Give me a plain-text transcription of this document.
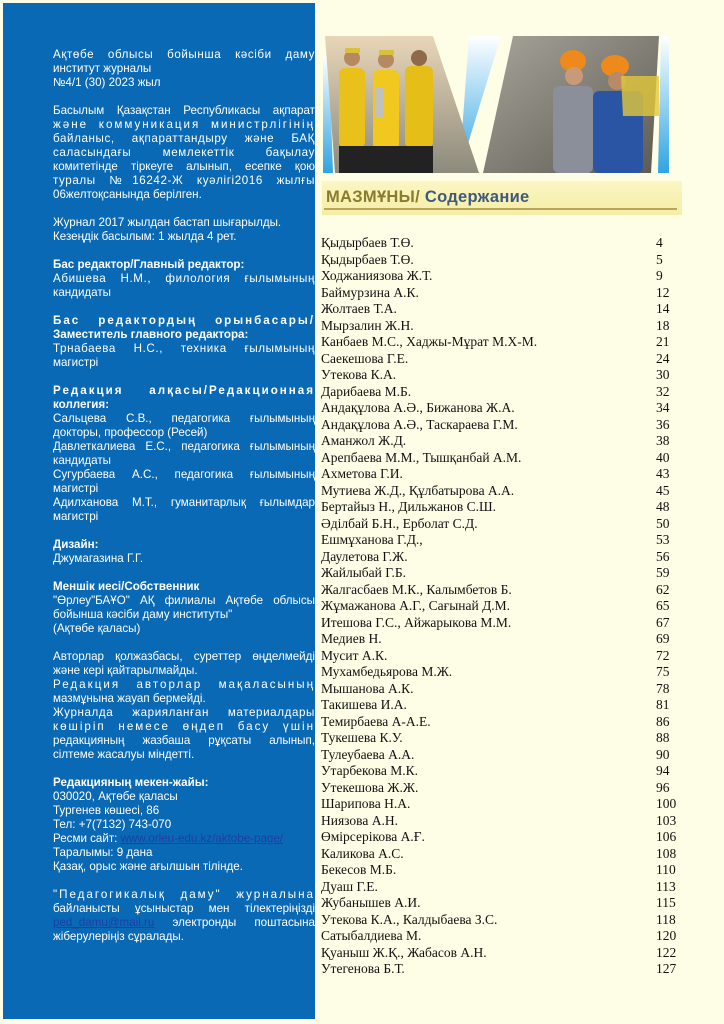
Ақтөбе облысы бойынша кәсіби даму

институт журналы

№4/1 (30) 2023 жыл

Басылым Қазақстан Республикасы ақпарат

және коммуникация министрлігінің

байланыс, ақпараттандыру және БАҚ

саласындағы мемлекеттік бақылау

комитетінде тіркеуге алынып, есепке қою

туралы №16242-Ж куәлігі2016 жылғы

06желтоқсанында берілген.

Журнал 2017 жылдан бастап шығарылды.

Кезеңдік басылым: 1 жылда 4 рет.

Бас редактор/Главный редактор:

Абишева Н.М., филология ғылымының

кандидаты

Бас редактордың орынбасары/

Заместитель главного редактора:

Трнабаева Н.С., техника ғылымының

магистрі

Редакция алқасы/Редакционная

коллегия:

Сальцева С.В., педагогика ғылымының

докторы, профессор (Ресей)

Давлеткалиева Е.С., педагогика ғылымының

кандидаты

Сугурбаева А.С., педагогика ғылымының

магистрі

Адилханова М.Т., гуманитарлық ғылымдар

магистрі

Дизайн:

Джумагазина Г.Г.

Меншік иесі/Собственник

"Өрлеу"БАҰО" АҚ филиалы Ақтөбе облысы

бойынша кәсіби даму институты"

(Ақтөбе қаласы)

Авторлар қолжазбасы, суреттер өңделмейді

және кері қайтарылмайды.

Редакция авторлар мақаласының

мазмұнына жауап бермейді.

Журналда жарияланған материалдары

көшіріп немесе өңдеп басу үшін

редакцияның жазбаша рұқсаты алынып,

сілтеме жасалуы міндетті.

Редакцияның мекен-жайы:

030020, Ақтөбе қаласы

Тургенев көшесі, 86

Тел: +7(7132) 743-070

Ресми сайт: www.orleu-edu.kz/aktobe-page/

Таралымы: 9 дана

Қазақ, орыс және ағылшын тілінде.

"Педагогикалық даму" журналына

байланысты ұсыныстар мен тілектеріңізді

ped_damu@mail.ru электронды поштасына

жіберулеріңіз сұралады.

МАЗМҰНЫ/ Содержание
Қыдырбаев Т.Ө.	4
Қыдырбаев Т.Ө.	5
Ходжаниязова Ж.Т.	9
Баймурзина А.К.	12
Жолтаев Т.А.	14
Мырзалин Ж.Н.	18
Канбаев М.С., Хаджы-Мұрат М.Х-М.	21
Саекешова Г.Е.	24
Утекова К.А.	30
Дарибаева М.Б.	32
Андақұлова А.Ә., Бижанова Ж.А.	34
Андақұлова А.Ә., Таскараева Г.М.	36
Аманжол Ж.Д.	38
Арепбаева М.М., Тышқанбай А.М.	40
Ахметова Г.И.	43
Мутиева Ж.Д., Құлбатырова А.А.	45
Бертайыз Н., Дильжанов С.Ш.	48
Әділбай Б.Н., Ерболат С.Д.	50
Ешмұханова Г.Д.,	53
Даулетова Г.Ж.	56
Жайлыбай Г.Б.	59
Жалгасбаев М.К., Калымбетов Б.	62
Жұмажанова А.Г., Сағынай Д.М.	65
Итешова Г.С., Айжарыкова М.М.	67
Медиев Н.	69
Мусит А.К.	72
Мухамбедьярова М.Ж.	75
Мышанова А.К.	78
Такишева И.А.	81
Темирбаева А-А.Е.	86
Тукешева К.У.	88
Тулеубаева А.А.	90
Утарбекова М.К.	94
Утекешова Ж.Ж.	96
Шарипова Н.А.	100
Ниязова А.Н.	103
Өмірсерікова А.Ғ.	106
Каликова А.С.	108
Бекесов М.Б.	110
Дуаш Г.Е.	113
Жубанышев А.И.	115
Утекова К.А., Калдыбаева З.С.	118
Сатыбалдиева М.	120
Қуаныш Ж.Қ., Жабасов А.Н.	122
Утегенова Б.Т.	127
